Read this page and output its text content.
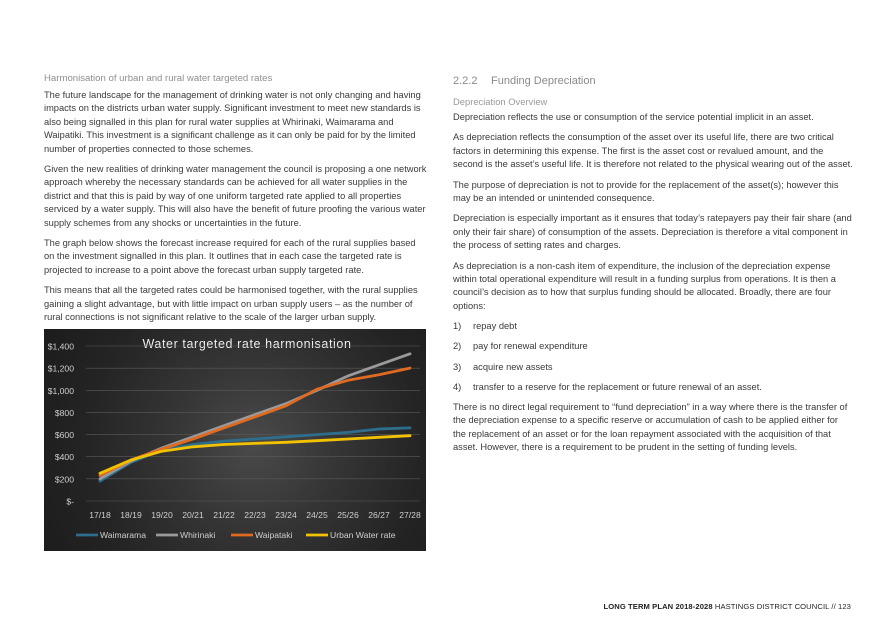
Harmonisation of urban and rural water targeted rates

The future landscape for the management of drinking water is not only changing and having impacts on the districts urban water supply. Significant investment to meet new standards is also being signalled in this plan for rural water supplies at Whirinaki, Waimarama and Waipatiki. This investment is a significant challenge as it can only be paid for by the limited number of properties connected to those schemes.

Given the new realities of drinking water management the council is proposing a one network approach whereby the necessary standards can be achieved for all water supplies in the district and that this is paid by way of one uniform targeted rate applied to all properties serviced by a water supply. This will also have the benefit of future proofing the various water supply schemes from any shocks or uncertainties in the future.

The graph below shows the forecast increase required for each of the rural supplies based on the investment signalled in this plan. It outlines that in each case the targeted rate is projected to increase to a point above the forecast urban supply targeted rate.

This means that all the targeted rates could be harmonised together, with the rural supplies gaining a slight advantage, but with little impact on urban supply users – as the number of rural connections is not significant relative to the scale of the larger urban supply.

Water targeted rate harmonisation
$-
$200
$400
$600
$800
$1,000
$1,200
$1,400
17/18 18/19 19/20 20/21 21/22 22/23 23/24 24/25 25/26 26/27 27/28
Waimarama	Whirinaki	Waipataki	Urban Water rate
2.2.2 Funding Depreciation
Depreciation Overview

Depreciation reflects the use or consumption of the service potential implicit in an asset.

As depreciation reflects the consumption of the asset over its useful life, there are two critical factors in determining this expense. The first is the asset cost or revalued amount, and the second is the asset’s useful life. It is therefore not related to the physical wearing out of the asset.

The purpose of depreciation is not to provide for the replacement of the asset(s); however this may be an intended or unintended consequence.

Depreciation is especially important as it ensures that today’s ratepayers pay their fair share (and only their fair share) of consumption of the assets. Depreciation is therefore a vital component in the process of setting rates and charges.

As depreciation is a non-cash item of expenditure, the inclusion of the depreciation expense within total operational expenditure will result in a funding surplus from operations. It is then a council’s decision as to how that surplus funding should be allocated. Broadly, there are four options:

1)	repay debt
2)	pay for renewal expenditure
3)	acquire new assets
4)	transfer to a reserve for the replacement or future renewal of an asset.

There is no direct legal requirement to “fund depreciation” in a way where there is the transfer of the depreciation expense to a specific reserve or accumulation of cash to be applied either for the replacement of an asset or for the loan repayment associated with the acquisition of that asset. However, there is a requirement to be prudent in the setting of funding levels.

LONG TERM PLAN 2018-2028 HASTINGS DISTRICT COUNCIL // 123
